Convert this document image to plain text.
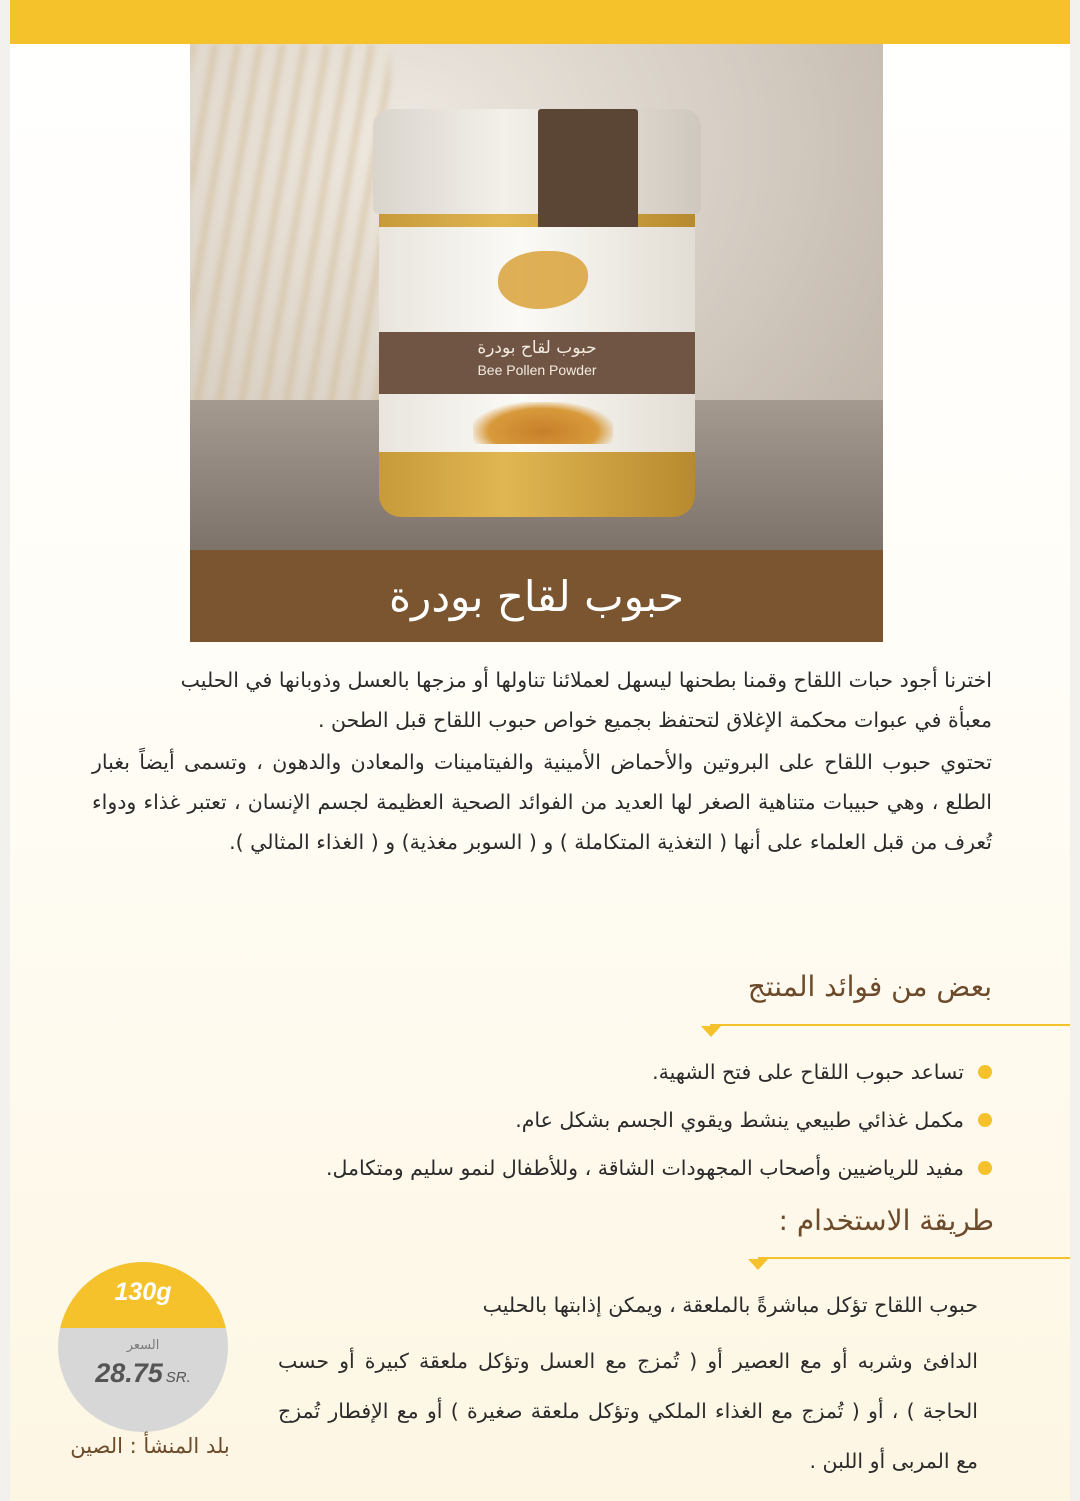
حبوب لقاح بودرة
Bee Pollen Powder
حبوب لقاح بودرة

اخترنا أجود حبات اللقاح وقمنا بطحنها ليسهل لعملائنا تناولها أو مزجها بالعسل وذوبانها في الحليب

معبأة في عبوات محكمة الإغلاق لتحتفظ بجميع خواص حبوب اللقاح قبل الطحن .

تحتوي حبوب اللقاح على البروتين والأحماض الأمينية والفيتامينات والمعادن والدهون ، وتسمى أيضاً بغبار الطلع ، وهي حبيبات متناهية الصغر لها العديد من الفوائد الصحية العظيمة لجسم الإنسان ، تعتبر غذاء ودواء تُعرف من قبل العلماء على أنها ( التغذية المتكاملة ) و ( السوبر مغذية) و ( الغذاء المثالي ).

بعض من فوائد المنتج
تساعد حبوب اللقاح على فتح الشهية.
مكمل غذائي طبيعي ينشط ويقوي الجسم بشكل عام.
مفيد للرياضيين وأصحاب المجهودات الشاقة ، وللأطفال لنمو سليم ومتكامل.
طريقة الاستخدام :

حبوب اللقاح تؤكل مباشرةً بالملعقة ، ويمكن إذابتها بالحليب

الدافئ وشربه أو مع العصير أو ( تُمزج مع العسل وتؤكل ملعقة كبيرة أو حسب الحاجة ) ، أو ( تُمزج مع الغذاء الملكي وتؤكل ملعقة صغيرة ) أو مع الإفطار تُمزج مع المربى أو اللبن .

130g
السعر
28.75 SR.
بلد المنشأ : الصين
